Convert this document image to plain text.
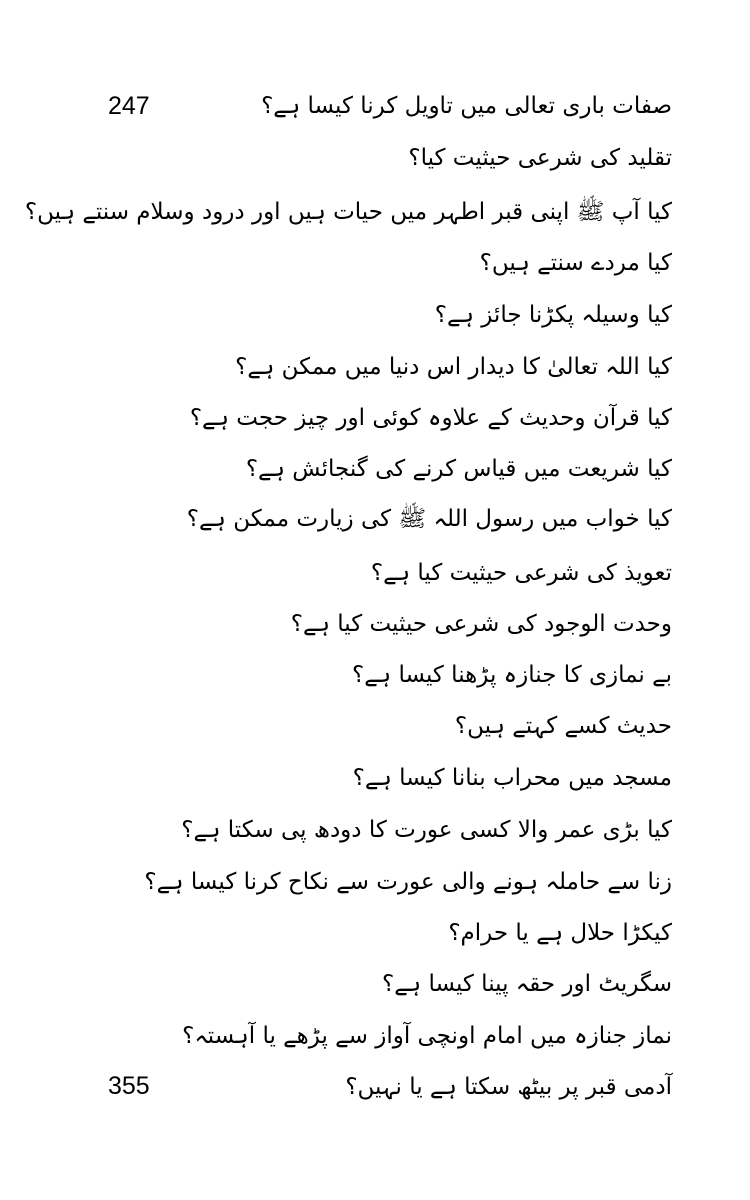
247
355
صفات باری تعالی میں تاویل کرنا کیسا ہے؟
تقلید کی شرعی حیثیت کیا؟
کیا آپ ﷺ اپنی قبر اطہر میں حیات ہیں اور درود وسلام سنتے ہیں؟
کیا مردے سنتے ہیں؟
کیا وسیلہ پکڑنا جائز ہے؟
کیا اللہ تعالیٰ کا دیدار اس دنیا میں ممکن ہے؟
کیا قرآن وحدیث کے علاوہ کوئی اور چیز حجت ہے؟
کیا شریعت میں قیاس کرنے کی گنجائش ہے؟
کیا خواب میں رسول اللہ ﷺ کی زیارت ممکن ہے؟
تعویذ کی شرعی حیثیت کیا ہے؟
وحدت الوجود کی شرعی حیثیت کیا ہے؟
بے نمازی کا جنازہ پڑھنا کیسا ہے؟
حدیث کسے کہتے ہیں؟
مسجد میں محراب بنانا کیسا ہے؟
کیا بڑی عمر والا کسی عورت کا دودھ پی سکتا ہے؟
زنا سے حاملہ ہونے والی عورت سے نکاح کرنا کیسا ہے؟
کیکڑا حلال ہے یا حرام؟
سگریٹ اور حقہ پینا کیسا ہے؟
نماز جنازہ میں امام اونچی آواز سے پڑھے یا آہستہ؟
آدمی قبر پر بیٹھ سکتا ہے یا نہیں؟
